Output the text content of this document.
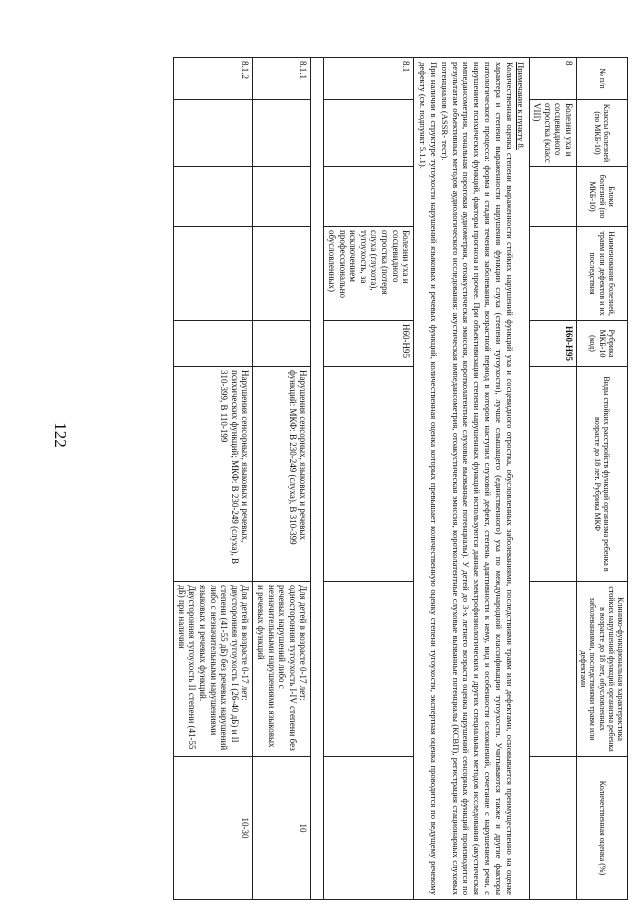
122
№ п/п	Классы болезней (по МКБ-10)	Блоки болезней (по МКБ-10)	Наименования болезней, травм или дефектов и их последствия	Рубрика МКБ-10 (код)	Виды стойких расстройств функций организма ребенка в возрасте до 18 лет. Рубрика МКФ	Клинико-функциональная характеристика стойких нарушений функций организма ребенка в возрасте до 18 лет, обусловленных заболеваниями, последствиями травм или дефектами	Количественная оценка (%)
8	Болезни уха и сосцевидного отростка (класс VIII)			H60-H95			

Примечание к пункту 8.

Количественная оценка степени выраженности стойких нарушений функций уха и сосцевидного отростка, обусловленных заболеваниями, последствиями травм или дефектами, основывается преимущественно на оценке характера и степени выраженности нарушения функции слуха (степени тугоухости), лучше слышащего (единственного) уха по международной классификации тугоухости. Учитываются также и другие факторы патологического процесса: форма и стадия течения заболевания, возрастной период в котором наступил слуховой дефект, степень адаптивности к нему, вид и особенности осложнений, сочетание с нарушением речи, с нарушением психических функций, факторы прогноза и прочее. При объективизации степени нарушенных функций используются данные электрофизиологических и других специальных методов исследования (акустическая импедансометрия, тональная пороговая аудиометрия, отоакустическая эмиссия, коротколатентные слуховые вызванные потенциалы). У детей до 3-х летнего возраста оценка нарушений сенсорных функций производится по результатам объективных методов аудиологического исследования: акустическая импедансометрия, отоакустическая эмиссия, коротколатентные слуховые вызванные потенциалы (КСВП), регистрация стационарных слуховых потенциалов (ASSR- тест).

При наличии в структуре тугоухости нарушений языковых и речевых функций, количественная оценка которых превышает количественную оценку степени тугоухости, экспертная оценка проводится по ведущему речевому дефекту (см. подпункт 5.1.1).							

8.1			Болезни уха и сосцевидного отростка (потеря слуха (глухота), тугоухость, за исключением профессионально обусловленных)	H60-H95			

8.1.1					Нарушения сенсорных, языковых и речевых функций: МКФ: В 230-249 (слуха), В 310-399	Для детей в возрасте 0-17 лет: односторонняя тугоухость I-IV степени без речевых нарушений либо с незначительными нарушениями языковых и речевых функций	10
8.1.2					Нарушения сенсорных, языковых и речевых, психических функций; МКФ: В 230-249 (слуха), В 310-399, В 110-199	Для детей в возрасте 0-17 лет: двусторонняя тугоухость I (26-40 дБ) и II степени (41-55 дБ) без речевых нарушений либо с незначительными нарушениями языковых и речевых функций. Двусторонняя тугоухость II степени (41-55 дБ) при наличии	10-30
